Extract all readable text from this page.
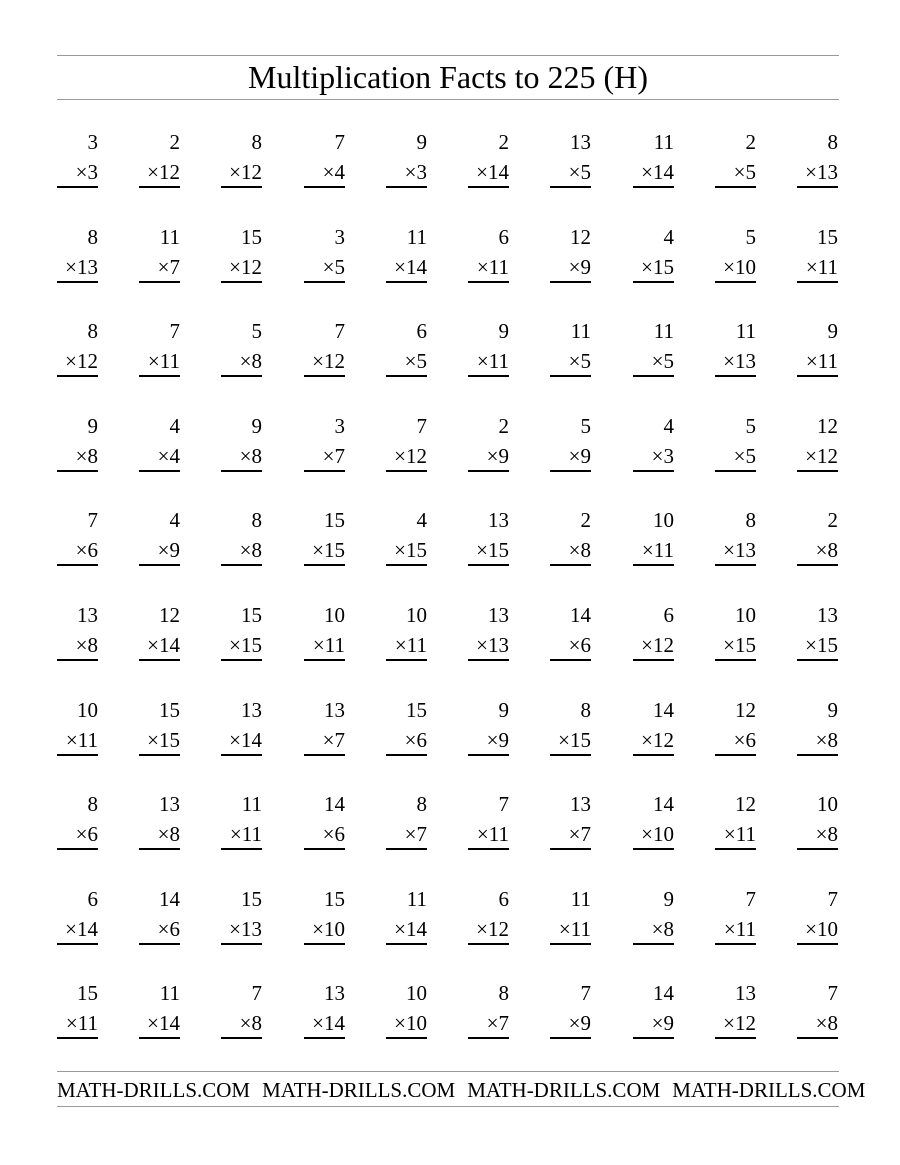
Multiplication Facts to 225 (H)
3
×3
2
×12
8
×12
7
×4
9
×3
2
×14
13
×5
11
×14
2
×5
8
×13
8
×13
11
×7
15
×12
3
×5
11
×14
6
×11
12
×9
4
×15
5
×10
15
×11
8
×12
7
×11
5
×8
7
×12
6
×5
9
×11
11
×5
11
×5
11
×13
9
×11
9
×8
4
×4
9
×8
3
×7
7
×12
2
×9
5
×9
4
×3
5
×5
12
×12
7
×6
4
×9
8
×8
15
×15
4
×15
13
×15
2
×8
10
×11
8
×13
2
×8
13
×8
12
×14
15
×15
10
×11
10
×11
13
×13
14
×6
6
×12
10
×15
13
×15
10
×11
15
×15
13
×14
13
×7
15
×6
9
×9
8
×15
14
×12
12
×6
9
×8
8
×6
13
×8
11
×11
14
×6
8
×7
7
×11
13
×7
14
×10
12
×11
10
×8
6
×14
14
×6
15
×13
15
×10
11
×14
6
×12
11
×11
9
×8
7
×11
7
×10
15
×11
11
×14
7
×8
13
×14
10
×10
8
×7
7
×9
14
×9
13
×12
7
×8
MATH-DRILLS.COM MATH-DRILLS.COM MATH-DRILLS.COM MATH-DRILLS.COM
